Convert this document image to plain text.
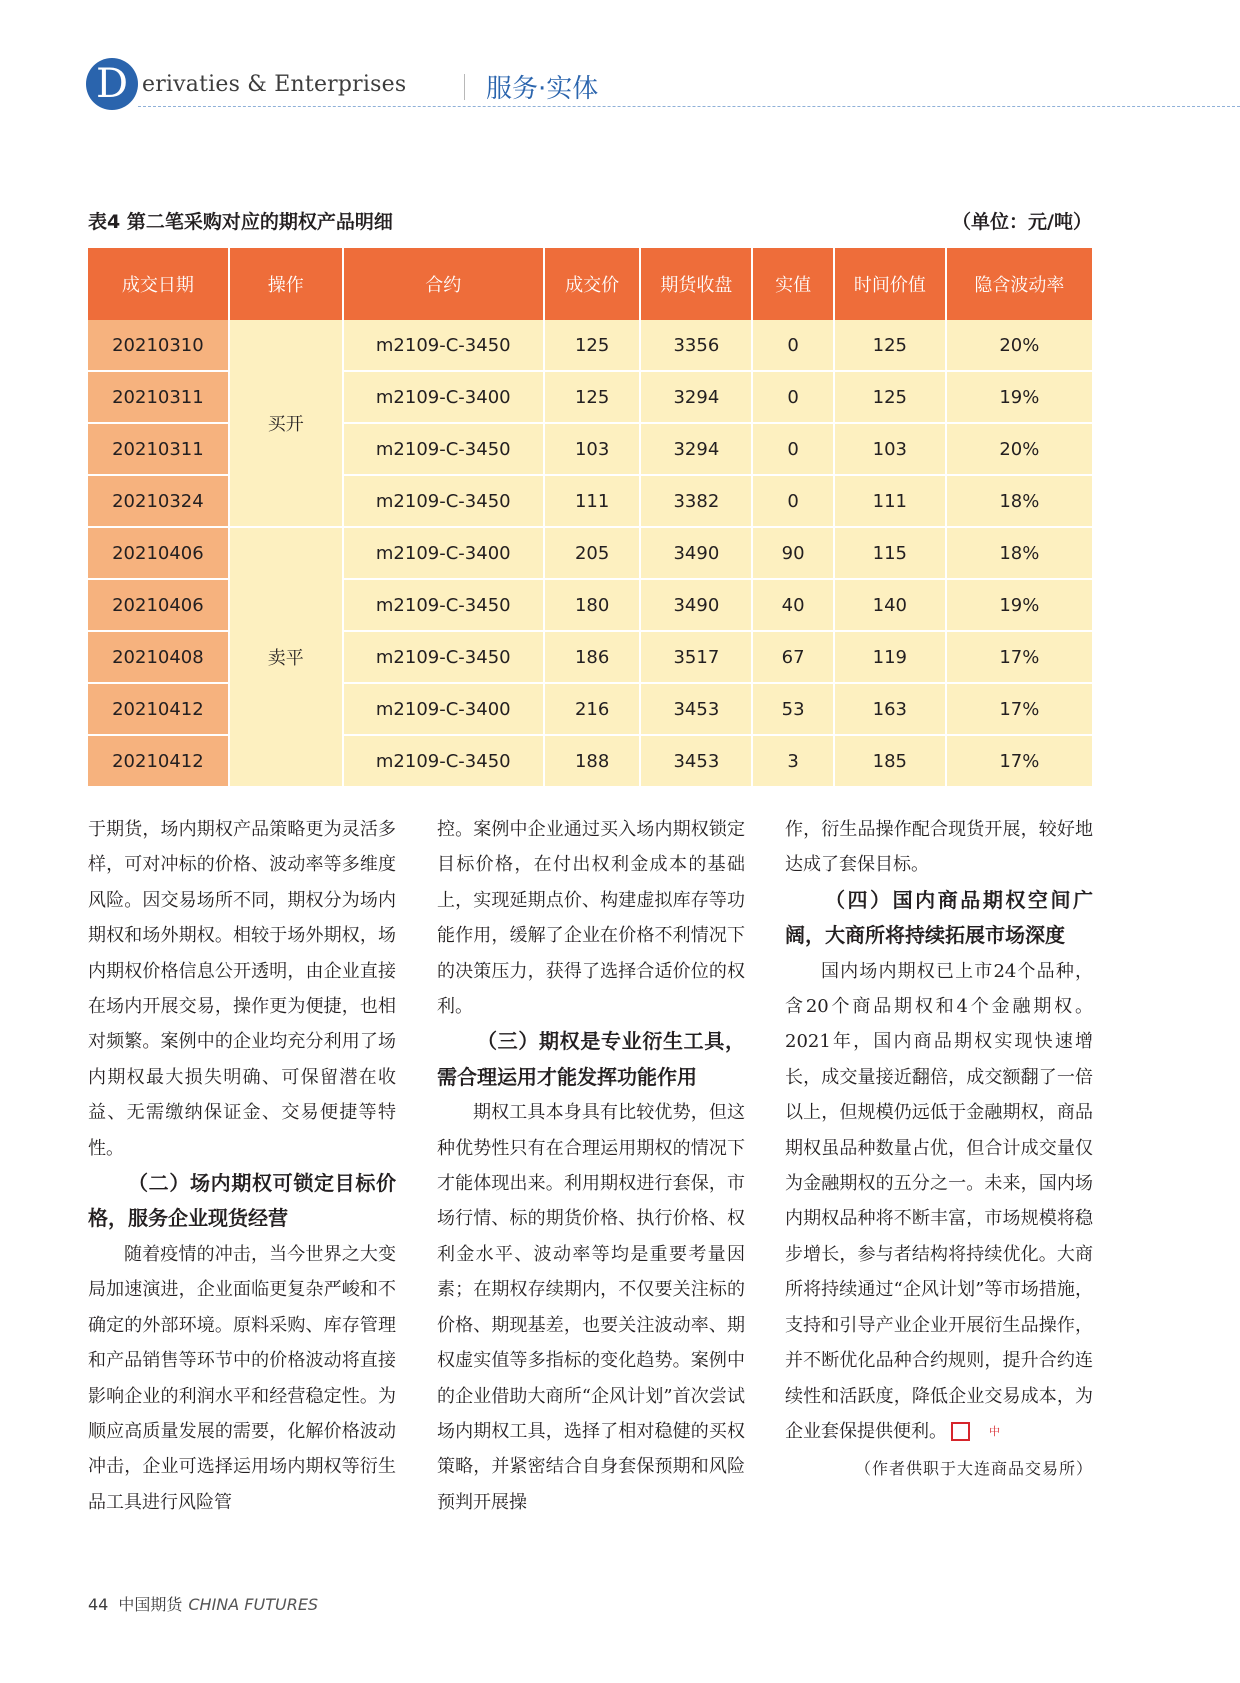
D erivaties & Enterprises	服务·实体
表4 第二笔采购对应的期权产品明细	（单位：元/吨）
成交日期	操作	合约	成交价	期货收盘	实值	时间价值	隐含波动率
20210310	买开	m2109-C-3450	125	3356	0	125	20%
20210311		m2109-C-3400	125	3294	0	125	19%
20210311		m2109-C-3450	103	3294	0	103	20%
20210324		m2109-C-3450	111	3382	0	111	18%
20210406	卖平	m2109-C-3400	205	3490	90	115	18%
20210406		m2109-C-3450	180	3490	40	140	19%
20210408		m2109-C-3450	186	3517	67	119	17%
20210412		m2109-C-3400	216	3453	53	163	17%
20210412		m2109-C-3450	188	3453	3	185	17%

于期货，场内期权产品策略更为灵活多样，可对冲标的价格、波动率等多维度风险。因交易场所不同，期权分为场内期权和场外期权。相较于场外期权，场内期权价格信息公开透明，由企业直接在场内开展交易，操作更为便捷，也相对频繁。案例中的企业均充分利用了场内期权最大损失明确、可保留潜在收益、无需缴纳保证金、交易便捷等特性。

（二）场内期权可锁定目标价格，服务企业现货经营

随着疫情的冲击，当今世界之大变局加速演进，企业面临更复杂严峻和不确定的外部环境。原料采购、库存管理和产品销售等环节中的价格波动将直接影响企业的利润水平和经营稳定性。为顺应高质量发展的需要，化解价格波动冲击，企业可选择运用场内期权等衍生品工具进行风险管

控。案例中企业通过买入场内期权锁定目标价格，在付出权利金成本的基础上，实现延期点价、构建虚拟库存等功能作用，缓解了企业在价格不利情况下的决策压力，获得了选择合适价位的权利。

（三）期权是专业衍生工具，需合理运用才能发挥功能作用

期权工具本身具有比较优势，但这种优势性只有在合理运用期权的情况下才能体现出来。利用期权进行套保，市场行情、标的期货价格、执行价格、权利金水平、波动率等均是重要考量因素；在期权存续期内，不仅要关注标的价格、期现基差，也要关注波动率、期权虚实值等多指标的变化趋势。案例中的企业借助大商所“企风计划”首次尝试场内期权工具，选择了相对稳健的买权策略，并紧密结合自身套保预期和风险预判开展操

作，衍生品操作配合现货开展，较好地达成了套保目标。

（四）国内商品期权空间广阔，大商所将持续拓展市场深度

国内场内期权已上市24个品种，含20个商品期权和4个金融期权。2021年，国内商品期权实现快速增长，成交量接近翻倍，成交额翻了一倍以上，但规模仍远低于金融期权，商品期权虽品种数量占优，但合计成交量仅为金融期权的五分之一。未来，国内场内期权品种将不断丰富，市场规模将稳步增长，参与者结构将持续优化。大商所将持续通过“企风计划”等市场措施，支持和引导产业企业开展衍生品操作，并不断优化品种合约规则，提升合约连续性和活跃度，降低企业交易成本，为企业套保提供便利。	中

（作者供职于大连商品交易所）
44 中国期货 CHINA FUTURES
